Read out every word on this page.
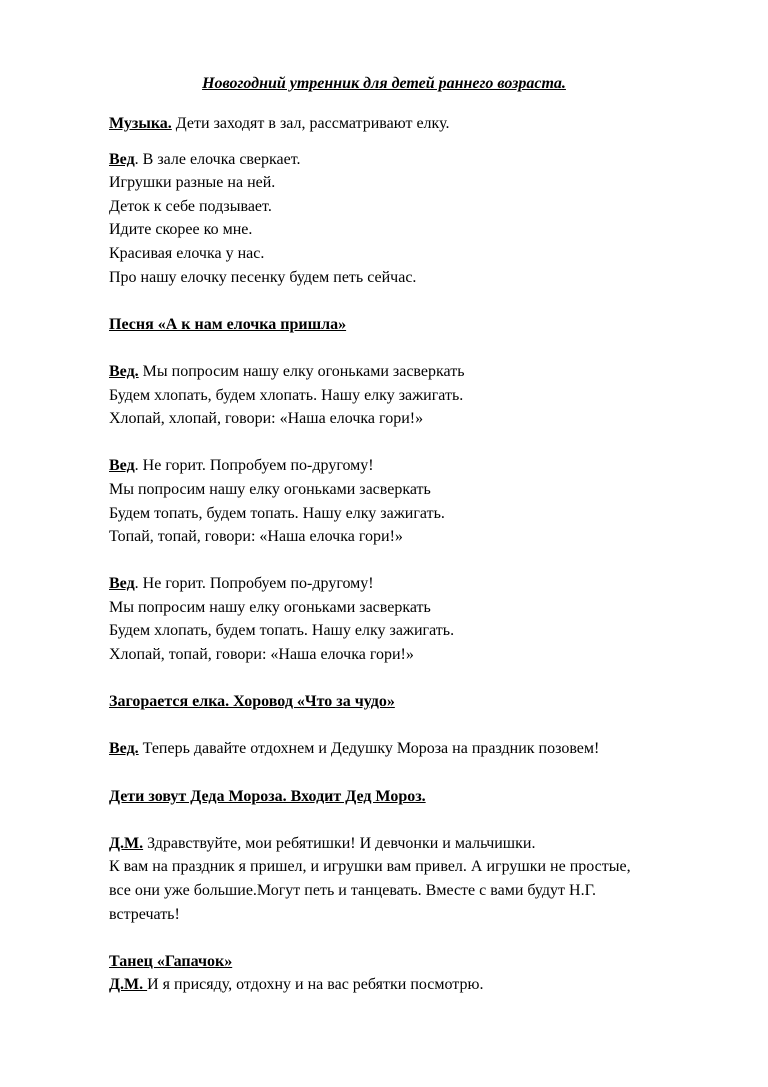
Новогодний утренник для детей раннего возраста.
Музыка. Дети заходят в зал, рассматривают елку.
Вед. В зале елочка сверкает.
Игрушки разные на ней.
Деток к себе подзывает.
Идите скорее ко мне.
Красивая елочка у нас.
Про нашу елочку песенку будем петь сейчас.
Песня «А к нам елочка пришла»
Вед. Мы попросим нашу елку огоньками засверкать
Будем хлопать, будем хлопать. Нашу елку зажигать.
Хлопай, хлопай, говори: «Наша елочка гори!»
Вед. Не горит. Попробуем по-другому!
Мы попросим нашу елку огоньками засверкать
Будем топать, будем топать. Нашу елку зажигать.
Топай, топай, говори: «Наша елочка гори!»
Вед. Не горит. Попробуем по-другому!
Мы попросим нашу елку огоньками засверкать
Будем хлопать, будем топать. Нашу елку зажигать.
Хлопай, топай, говори: «Наша елочка гори!»
Загорается елка. Хоровод «Что за чудо»
Вед. Теперь давайте отдохнем и Дедушку Мороза на праздник позовем!
Дети зовут Деда Мороза. Входит Дед Мороз.
Д.М. Здравствуйте, мои ребятишки! И девчонки и мальчишки.
К вам на праздник я пришел, и игрушки вам привел. А игрушки не простые,
все они уже большие.Могут петь и танцевать. Вместе с вами будут Н.Г.
встречать!
Танец «Гапачок»
Д.М. И я присяду, отдохну и на вас ребятки посмотрю.
